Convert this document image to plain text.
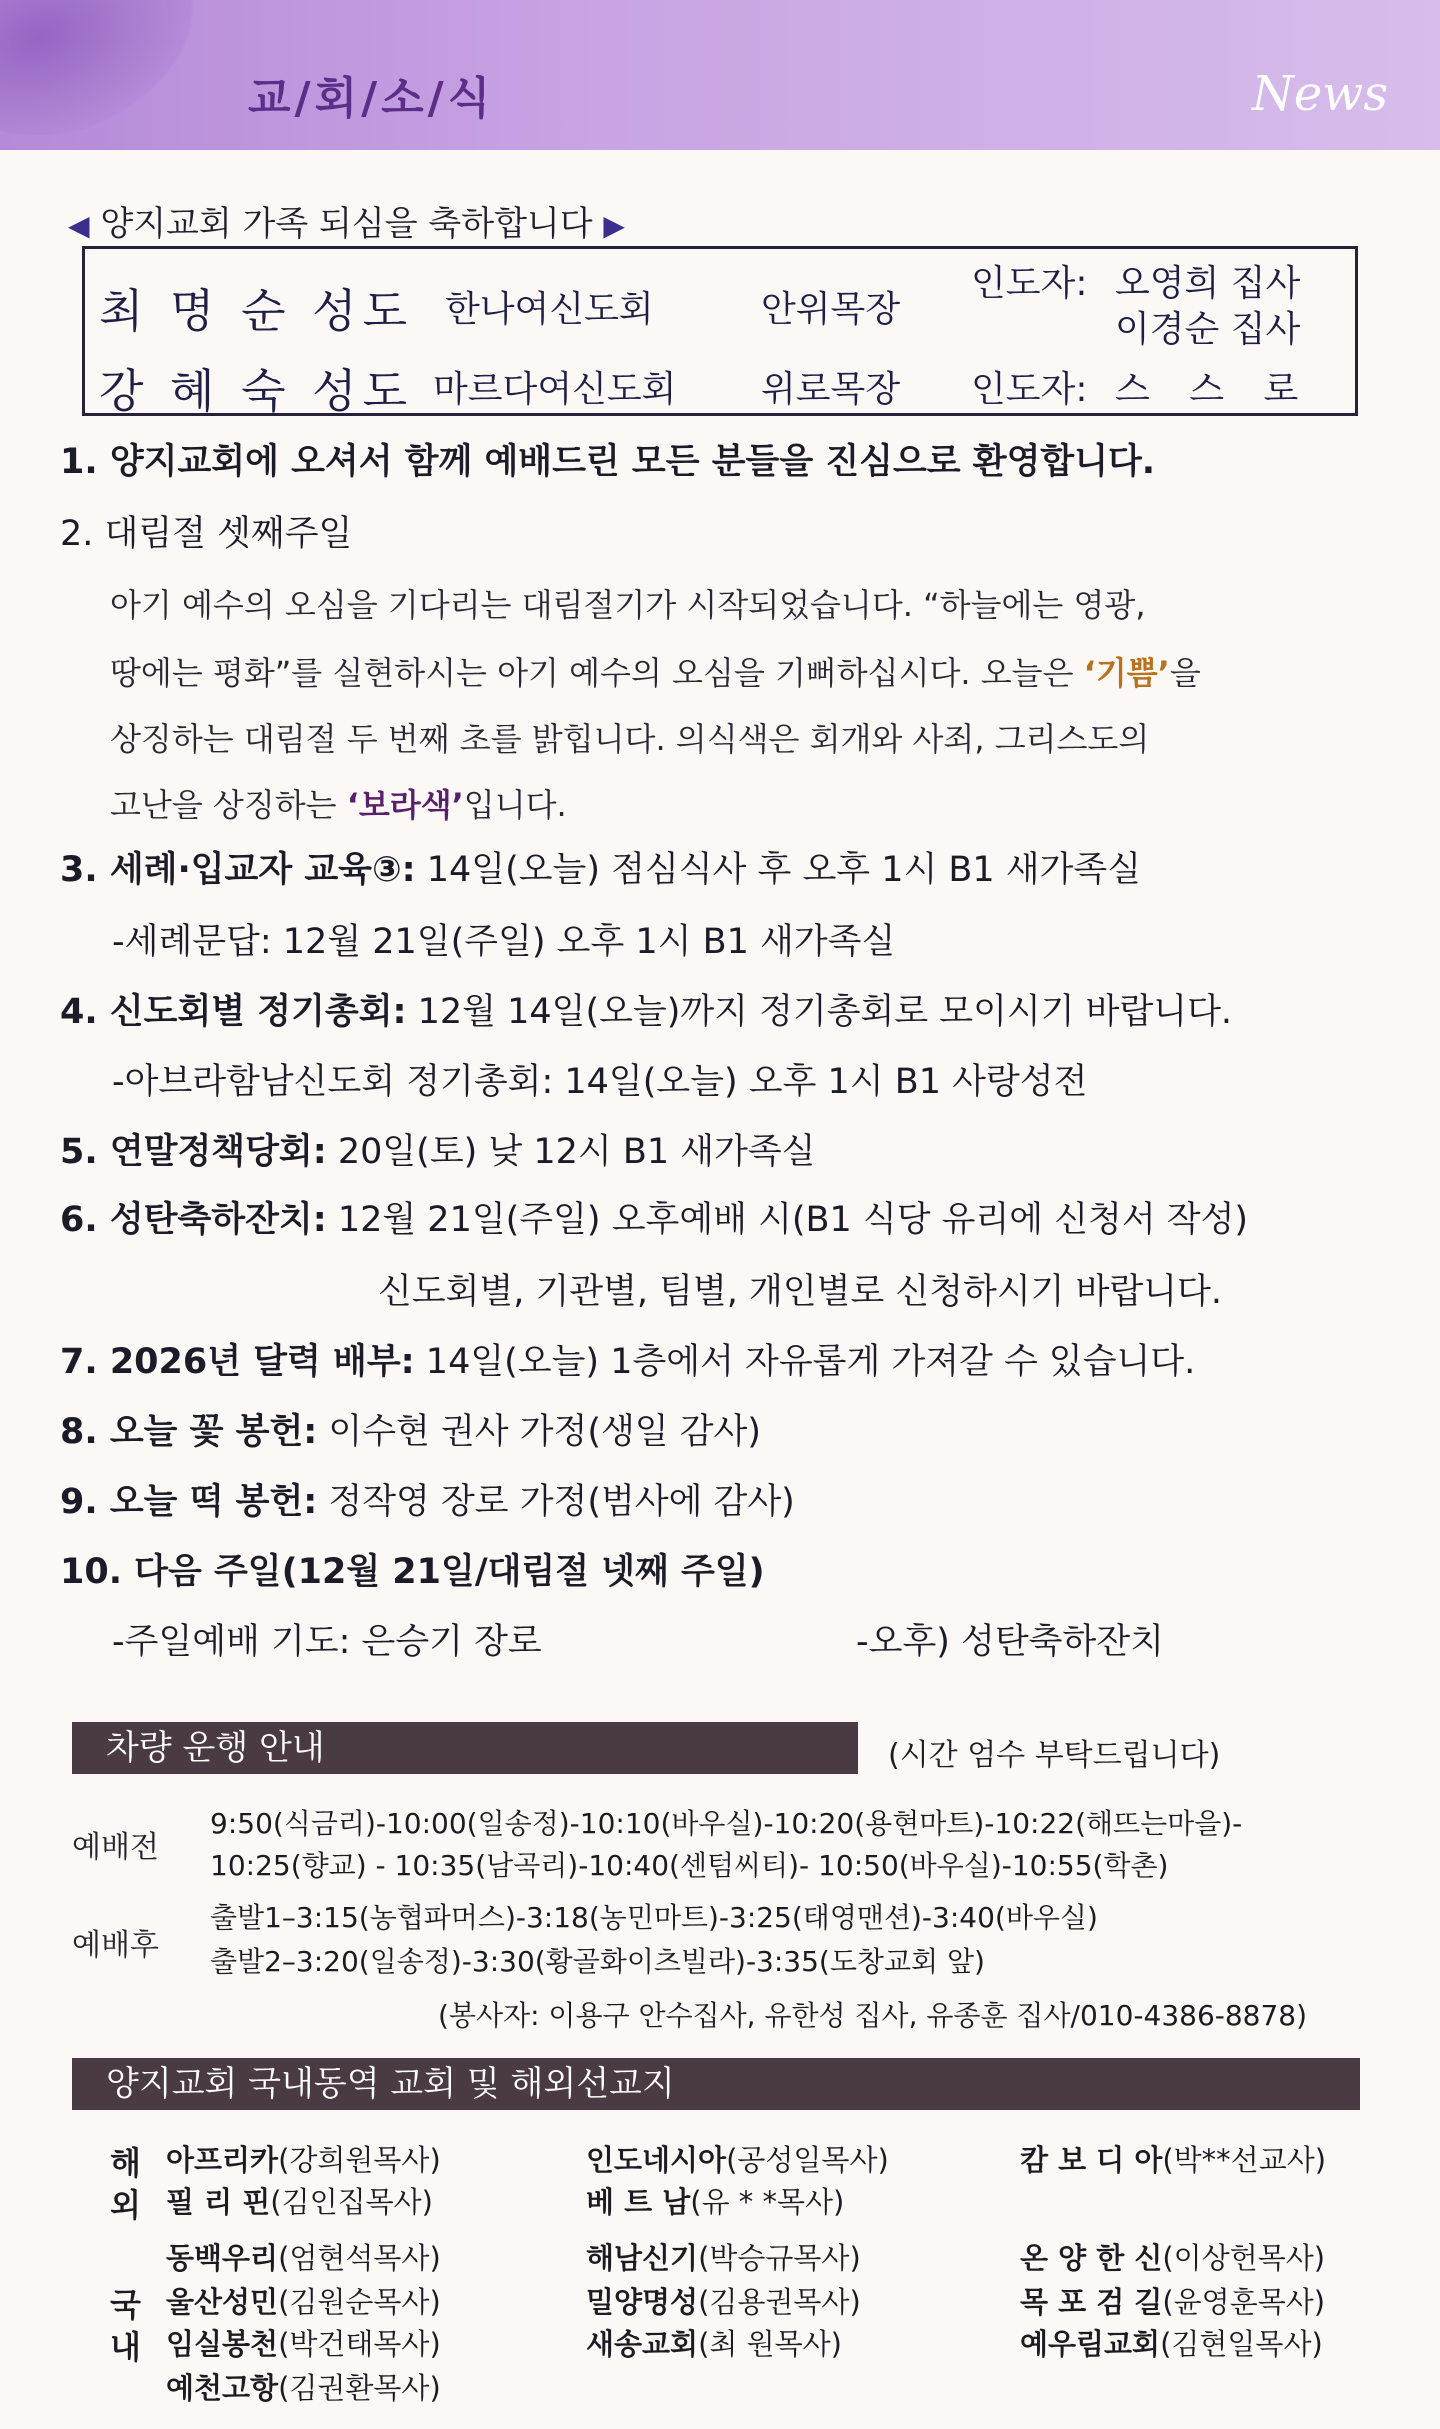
교/회/소/식	News
◀ 양지교회 가족 되심을 축하합니다 ▶
최 명 순 성도 한나여신도회	안위목장
인도자: 오영희 집사
이경순 집사
강 혜 숙 성도 마르다여신도회 위로목장 인도자: 스 스 로
1. 양지교회에 오셔서 함께 예배드린 모든 분들을 진심으로 환영합니다.
2. 대림절 셋째주일
아기 예수의 오심을 기다리는 대림절기가 시작되었습니다. “하늘에는 영광,
땅에는 평화”를 실현하시는 아기 예수의 오심을 기뻐하십시다. 오늘은 ‘기쁨’을
상징하는 대림절 두 번째 초를 밝힙니다. 의식색은 회개와 사죄, 그리스도의
고난을 상징하는 ‘보라색’입니다.
3. 세례·입교자 교육③: 14일(오늘) 점심식사 후 오후 1시 B1 새가족실
-세례문답: 12월 21일(주일) 오후 1시 B1 새가족실
4. 신도회별 정기총회: 12월 14일(오늘)까지 정기총회로 모이시기 바랍니다.
-아브라함남신도회 정기총회: 14일(오늘) 오후 1시 B1 사랑성전
5. 연말정책당회: 20일(토) 낮 12시 B1 새가족실
6. 성탄축하잔치: 12월 21일(주일) 오후예배 시(B1 식당 유리에 신청서 작성)
신도회별, 기관별, 팀별, 개인별로 신청하시기 바랍니다.
7. 2026년 달력 배부: 14일(오늘) 1층에서 자유롭게 가져갈 수 있습니다.
8. 오늘 꽃 봉헌: 이수현 권사 가정(생일 감사)
9. 오늘 떡 봉헌: 정작영 장로 가정(범사에 감사)
10. 다음 주일(12월 21일/대림절 넷째 주일)
-주일예배 기도: 은승기 장로	-오후) 성탄축하잔치
차량 운행 안내	(시간 엄수 부탁드립니다)
예배전
9:50(식금리)-10:00(일송정)-10:10(바우실)-10:20(용현마트)-10:22(해뜨는마을)-
10:25(향교) - 10:35(남곡리)-10:40(센텀씨티)- 10:50(바우실)-10:55(학촌)
예배후
출발1–3:15(농협파머스)-3:18(농민마트)-3:25(태영맨션)-3:40(바우실)
출발2–3:20(일송정)-3:30(황골화이츠빌라)-3:35(도창교회 앞)
(봉사자: 이용구 안수집사, 유한성 집사, 유종훈 집사/010-4386-8878)
양지교회 국내동역 교회 및 해외선교지
해
외
국
내
아프리카(강희원목사)	인도네시아(공성일목사)	캄 보 디 아(박**선교사)
필 리 핀(김인집목사)	베 트 남(유 * *목사)
동백우리(엄현석목사)	해남신기(박승규목사)	온 양 한 신(이상헌목사)
울산성민(김원순목사)	밀양명성(김용권목사)	목 포 검 길(윤영훈목사)
임실봉천(박건태목사)	새송교회(최 원목사)	예우림교회(김현일목사)
예천고항(김권환목사)
